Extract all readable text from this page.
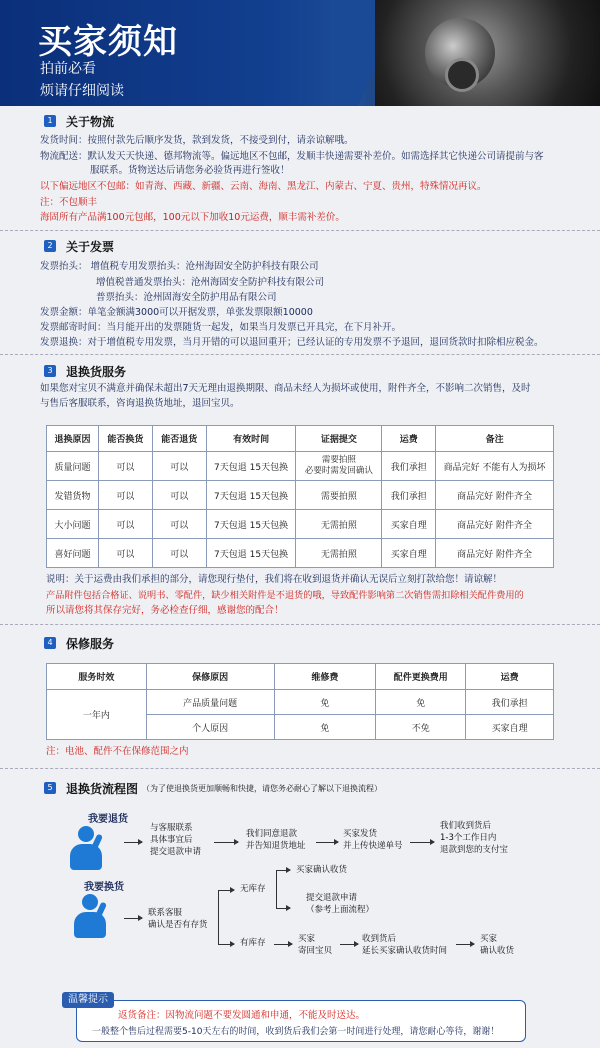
买家须知
拍前必看
烦请仔细阅读
1 关于物流
发货时间：按照付款先后顺序发货，款到发货，不接受到付，请亲谅解哦。
物流配送：默认发天天快递、德邦物流等。偏远地区不包邮，发顺丰快递需要补差价。如需选择其它快递公司请提前与客
服联系。货物送达后请您务必验货再进行签收！
以下偏远地区不包邮：如青海、西藏、新疆、云南、海南、黑龙江、内蒙古、宁夏、贵州，特殊情况再议。
注：不包顺丰
海固所有产品满100元包邮，100元以下加收10元运费，顺丰需补差价。
2 关于发票
发票抬头： 增值税专用发票抬头：沧州海固安全防护科技有限公司
增值税普通发票抬头：沧州海固安全防护科技有限公司
普票抬头：沧州固海安全防护用品有限公司
发票金额：单笔金额满3000可以开据发票，单张发票限额10000
发票邮寄时间：当月能开出的发票随货一起发，如果当月发票已开具完，在下月补开。
发票退换：对于增值税专用发票，当月开错的可以退回重开；已经认证的专用发票不予退回，退回货款时扣除相应税金。
3 退换货服务
如果您对宝贝不满意并确保未超出7天无理由退换期限、商品未经人为损坏或使用，附件齐全，不影响二次销售，及时
与售后客服联系，咨询退换货地址，退回宝贝。
退换原因	能否换货	能否退货	有效时间	证据提交	运费	备注
质量问题	可以	可以	7天包退 15天包换	需要拍照
必要时需发回确认	我们承担	商品完好 不能有人为损坏
发错货物	可以	可以	7天包退 15天包换	需要拍照	我们承担	商品完好 附件齐全
大小问题	可以	可以	7天包退 15天包换	无需拍照	买家自理	商品完好 附件齐全
喜好问题	可以	可以	7天包退 15天包换	无需拍照	买家自理	商品完好 附件齐全
说明：关于运费由我们承担的部分，请您现行垫付，我们将在收到退货并确认无误后立刻打款给您！请谅解！
产品附件包括合格证、说明书、零配件，缺少相关附件是不退货的哦，导致配件影响第二次销售需扣除相关配件费用的
所以请您将其保存完好，务必检查仔细，感谢您的配合！
4 保修服务
服务时效	保修原因	维修费	配件更换费用	运费
一年内	产品质量问题	免	免	我们承担
	个人原因	免	不免	买家自理
注：电池、配件不在保修范围之内
5 退换货流程图 （为了使退换货更加顺畅和快捷，请您务必耐心了解以下退换流程）
我要退货
与客服联系
具体事宜后
提交退款申请
我们同意退款
并告知退货地址
买家发货
并上传快递单号
我们收到货后
1-3个工作日内
退款到您的支付宝
我要换货
联系客服
确认是否有存货
无库存
有库存
买家确认收货
提交退款申请
（参考上面流程）
买家
寄回宝贝
收到货后
延长买家确认收货时间
买家
确认收货
温馨提示
返货备注：因物流问题不要发圆通和申通，不能及时送达。
一般整个售后过程需要5-10天左右的时间，收到货后我们会第一时间进行处理，请您耐心等待，谢谢！
